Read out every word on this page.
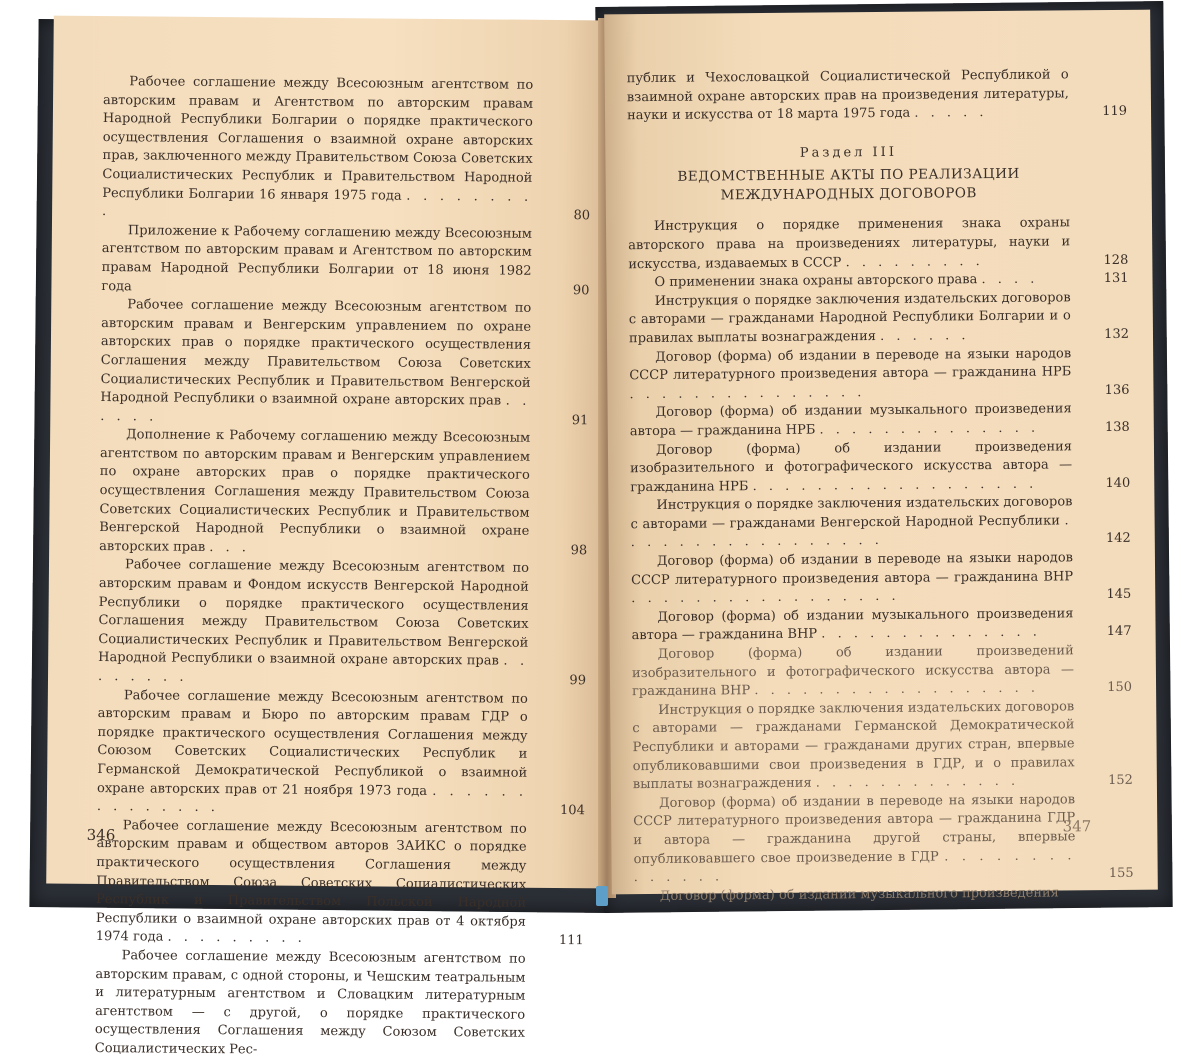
Рабочее соглашение между Всесоюзным агентством по авторским правам и Агентством по авторским правам Народной Республики Болгарии о порядке практического осуществления Соглашения о взаимной охране авторских прав, заключенного между Правительством Союза Советских Социалистических Республик и Правительством Народной Республики Болгарии 16 января 1975 года . . . . . . . . .	80
Приложение к Рабочему соглашению между Всесоюзным агентством по авторским правам и Агентством по авторским правам Народной Республики Болгарии от 18 июня 1982 года	90
Рабочее соглашение между Всесоюзным агентством по авторским правам и Венгерским управлением по охране авторских прав о порядке практического осуществления Соглашения между Правительством Союза Советских Социалистических Республик и Правительством Венгерской Народной Республики о взаимной охране авторских прав . . . . . .	91
Дополнение к Рабочему соглашению между Всесоюзным агентством по авторским правам и Венгерским управлением по охране авторских прав о порядке практического осуществления Соглашения между Правительством Союза Советских Социалистических Республик и Правительством Венгерской Народной Республики о взаимной охране авторских прав . . .	98
Рабочее соглашение между Всесоюзным агентством по авторским правам и Фондом искусств Венгерской Народной Республики о порядке практического осуществления Соглашения между Правительством Союза Советских Социалистических Республик и Правительством Венгерской Народной Республики о взаимной охране авторских прав . . . . . . . .	99
Рабочее соглашение между Всесоюзным агентством по авторским правам и Бюро по авторским правам ГДР о порядке практического осуществления Соглашения между Союзом Советских Социалистических Республик и Германской Демократической Республикой о взаимной охране авторских прав от 21 ноября 1973 года . . . . . . . . . . . . . .	104
Рабочее соглашение между Всесоюзным агентством по авторским правам и обществом авторов ЗАИКС о порядке практического осуществления Соглашения между Правительством Союза Советских Социалистических Республик и Правительством Польской Народной Республики о взаимной охране авторских прав от 4 октября 1974 года . . . . . . . . .	111
Рабочее соглашение между Всесоюзным агентством по авторским правам, с одной стороны, и Чешским театральным и литературным агентством и Словацким литературным агентством — с другой, о порядке практического осуществления Соглашения между Союзом Советских Социалистических Рес-
346
публик и Чехословацкой Социалистической Республикой о взаимной охране авторских прав на произведения литературы, науки и искусства от 18 марта 1975 года . . . . .	119
Раздел III
ВЕДОМСТВЕННЫЕ АКТЫ ПО РЕАЛИЗАЦИИ
МЕЖДУНАРОДНЫХ ДОГОВОРОВ
Инструкция о порядке применения знака охраны авторского права на произведениях литературы, науки и искусства, издаваемых в СССР . . . . . . . . .	128
О применении знака охраны авторского права . . . .	131
Инструкция о порядке заключения издательских договоров с авторами — гражданами Народной Республики Болгарии и о правилах выплаты вознаграждения . . . . . .	132
Договор (форма) об издании в переводе на языки народов СССР литературного произведения автора — гражданина НРБ . . . . . . . . . . . . . . .	136
Договор (форма) об издании музыкального произведения автора — гражданина НРБ . . . . . . . . . . . . . .	138
Договор (форма) об издании произведения изобразительного и фотографического искусства автора — гражданина НРБ . . . . . . . . . . . . . . . . . .	140
Инструкция о порядке заключения издательских договоров с авторами — гражданами Венгерской Народной Республики . . . . . . . . . . . . . . . . .	142
Договор (форма) об издании в переводе на языки народов СССР литературного произведения автора — гражданина ВНР . . . . . . . . . . . . . . . . .	145
Договор (форма) об издании музыкального произведения автора — гражданина ВНР . . . . . . . . . . . . . .	147
Договор (форма) об издании произведений изобразительного и фотографического искусства автора — гражданина ВНР . . . . . . . . . . . . . . . . . .	150
Инструкция о порядке заключения издательских договоров с авторами — гражданами Германской Демократической Республики и авторами — гражданами других стран, впервые опубликовавшими свои произведения в ГДР, и о правилах выплаты вознаграждения . . . . . . . . . . . . .	152
Договор (форма) об издании в переводе на языки народов СССР литературного произведения автора — гражданина ГДР и автора — гражданина другой страны, впервые опубликовавшего свое произведение в ГДР . . . . . . . . . . . . . .	155
Договор (форма) об издании музыкального произведения
347
